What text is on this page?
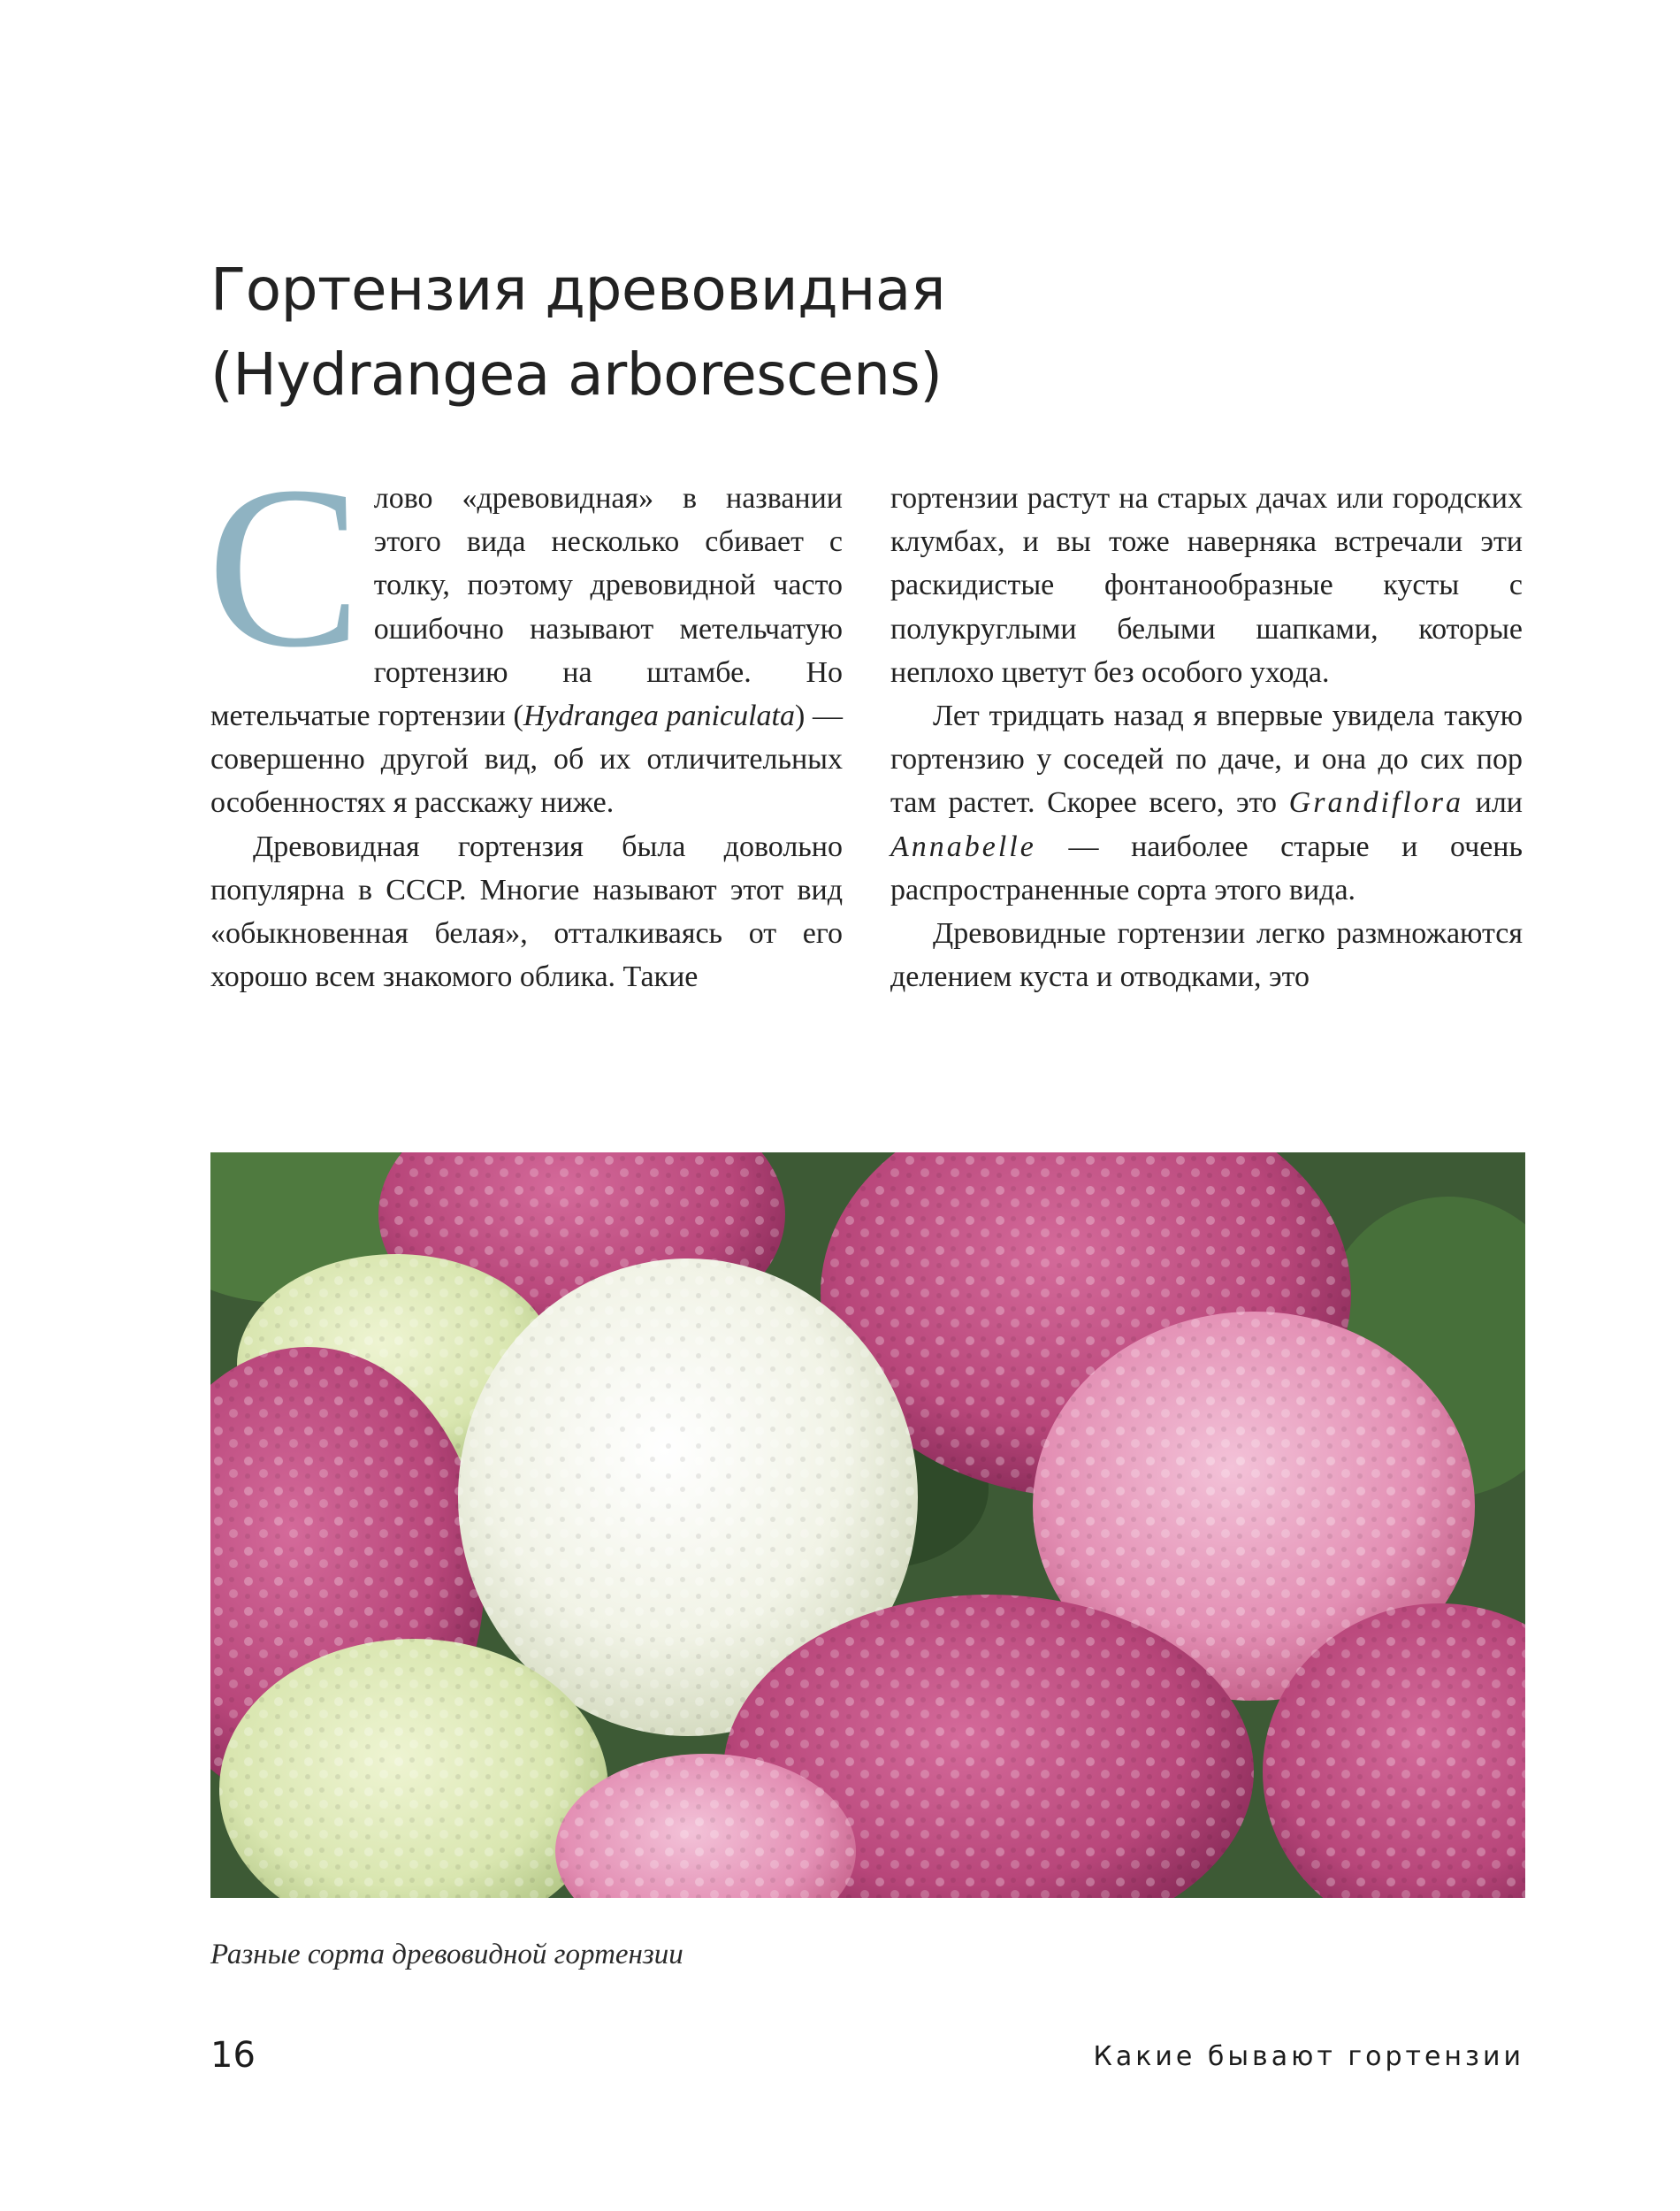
Гортензия древовидная
(Hydrangea arborescens)

Слово «древовидная» в названии этого вида несколько сбивает с толку, поэтому древовидной часто ошибочно называют метельчатую гортензию на штамбе. Но метельчатые гортензии (Hydrangea paniculata) — совершенно другой вид, об их отличительных особенностях я расскажу ниже.

Древовидная гортензия была довольно популярна в СССР. Многие называют этот вид «обыкновенная белая», отталкиваясь от его хорошо всем знакомого облика. Такие

гортензии растут на старых дачах или городских клумбах, и вы тоже наверняка встречали эти раскидистые фонтанообразные кусты с полукруглыми белыми шапками, которые неплохо цветут без особого ухода.

Лет тридцать назад я впервые увидела такую гортензию у соседей по даче, и она до сих пор там растет. Скорее всего, это Grandiflora или Annabelle — наиболее старые и очень распространенные сорта этого вида.

Древовидные гортензии легко размножаются делением куста и отводками, это

Разные сорта древовидной гортензии
16	Какие бывают гортензии
